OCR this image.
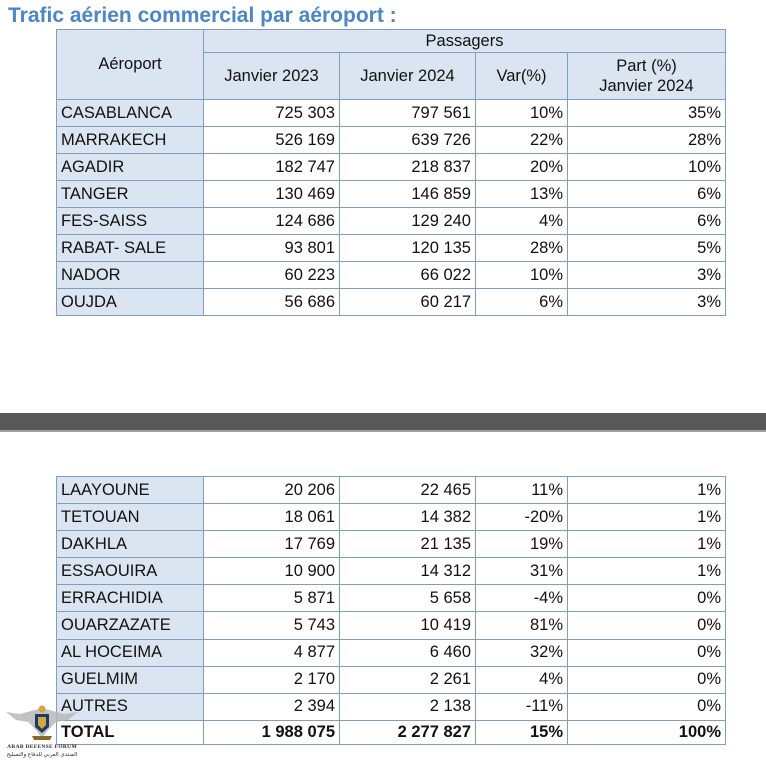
Trafic aérien commercial par aéroport :
Aéroport	Passagers			
	Janvier 2023	Janvier 2024	Var(%)	Part (%)
Janvier 2024

CASABLANCA	725 303	797 561	10%	35%
MARRAKECH	526 169	639 726	22%	28%
AGADIR	182 747	218 837	20%	10%
TANGER	130 469	146 859	13%	6%
FES-SAISS	124 686	129 240	4%	6%
RABAT- SALE	93 801	120 135	28%	5%
NADOR	60 223	66 022	10%	3%
OUJDA	56 686	60 217	6%	3%
LAAYOUNE	20 206	22 465	11%	1%
TETOUAN	18 061	14 382	-20%	1%
DAKHLA	17 769	21 135	19%	1%
ESSAOUIRA	10 900	14 312	31%	1%
ERRACHIDIA	5 871	5 658	-4%	0%
OUARZAZATE	5 743	10 419	81%	0%
AL HOCEIMA	4 877	6 460	32%	0%
GUELMIM	2 170	2 261	4%	0%
AUTRES	2 394	2 138	-11%	0%
TOTAL	1 988 075	2 277 827	15%	100%
ARAB DEFENSE FORUM
المنتدى العربي للدفاع والتسليح
